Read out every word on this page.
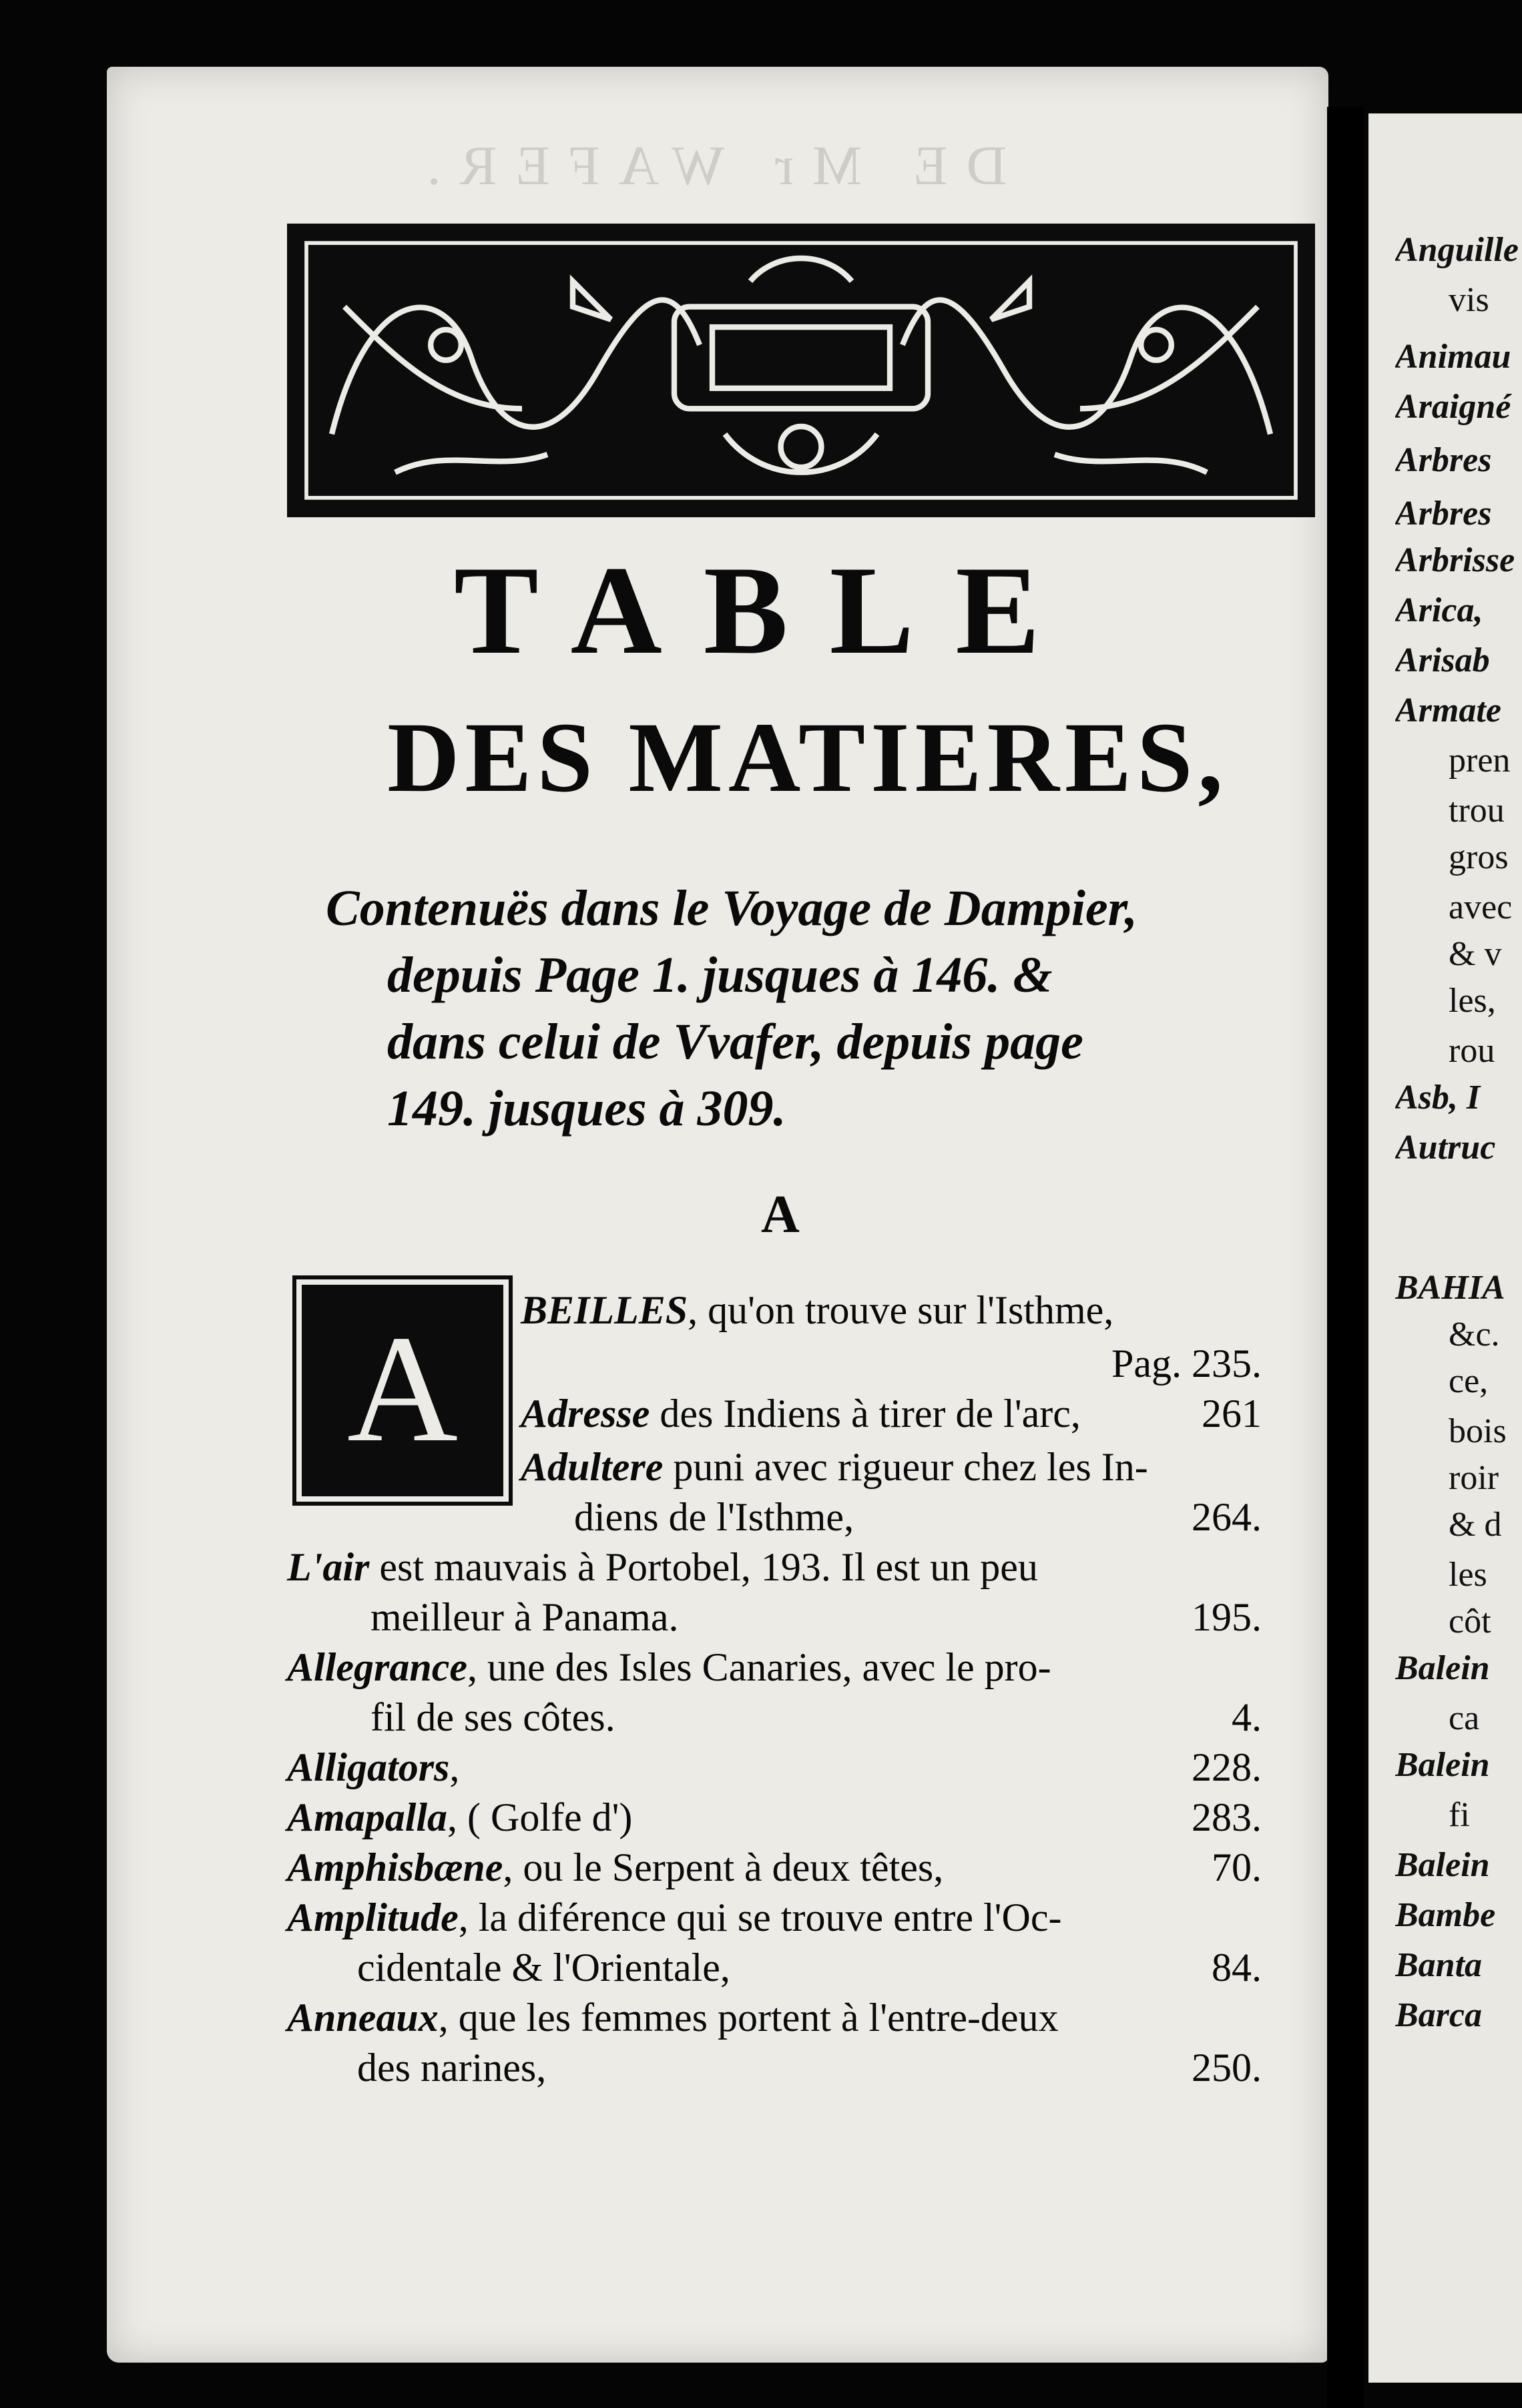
DE Mr WAFER.
TABLE
DES MATIERES,
Contenuës dans le Voyage de Dampier,
depuis Page 1. jusques à 146. &
dans celui de Vvafer, depuis page
149. jusques à 309.
A
A	BEILLES, qu'on trouve sur l'Isthme,
Pag. 235.
Adresse des Indiens à tirer de l'arc,	261
Adultere puni avec rigueur chez les In-
diens de l'Isthme,	264.
L'air est mauvais à Portobel, 193. Il est un peu
meilleur à Panama.	195.
Allegrance, une des Isles Canaries, avec le pro-
fil de ses côtes.	4.
Alligators,	228.
Amapalla, ( Golfe d')	283.
Amphisbæne, ou le Serpent à deux têtes,	70.
Amplitude, la diférence qui se trouve entre l'Oc-
cidentale & l'Orientale,	84.
Anneaux, que les femmes portent à l'entre-deux
des narines,	250.
Anguille
vis
Animau
Araigné
Arbres
Arbres
Arbrisse
Arica,
Arisab
Armate
pren
trou
gros
avec
& v
les,
rou
Asb, I
Autruc
BAHIA
&c.
ce,
bois
roir
& d
les
côt
Balein
ca
Balein
fi
Balein
Bambe
Banta
Barca
